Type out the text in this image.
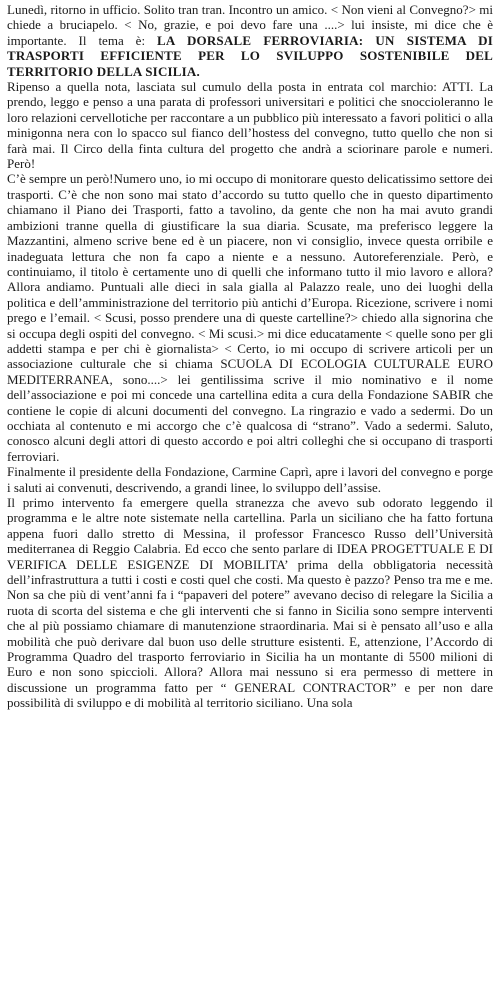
Lunedì, ritorno in ufficio. Solito tran tran. Incontro un amico. < Non vieni al Convegno?> mi chiede a bruciapelo. < No, grazie, e poi devo fare una ....> lui insiste, mi dice che è importante. Il tema è: LA DORSALE FERROVIARIA: UN SISTEMA DI TRASPORTI EFFICIENTE PER LO SVILUPPO SOSTENIBILE DEL TERRITORIO DELLA SICILIA.

Ripenso a quella nota, lasciata sul cumulo della posta in entrata col marchio: ATTI. La prendo, leggo e penso a una parata di professori universitari e politici che snoccioleranno le loro relazioni cervellotiche per raccontare a un pubblico più interessato a favori politici o alla minigonna nera con lo spacco sul fianco dell’hostess del convegno, tutto quello che non si farà mai. Il Circo della finta cultura del progetto che andrà a sciorinare parole e numeri. Però!

C’è sempre un però!Numero uno, io mi occupo di monitorare questo delicatissimo settore dei trasporti. C’è che non sono mai stato d’accordo su tutto quello che in questo dipartimento chiamano il Piano dei Trasporti, fatto a tavolino, da gente che non ha mai avuto grandi ambizioni tranne quella di giustificare la sua diaria. Scusate, ma preferisco leggere la Mazzantini, almeno scrive bene ed è un piacere, non vi consiglio, invece questa orribile e inadeguata lettura che non fa capo a niente e a nessuno. Autoreferenziale. Però, e continuiamo, il titolo è certamente uno di quelli che informano tutto il mio lavoro e allora? Allora andiamo. Puntuali alle dieci in sala gialla al Palazzo reale, uno dei luoghi della politica e dell’amministrazione del territorio più antichi d’Europa. Ricezione, scrivere i nomi prego e l’email. < Scusi, posso prendere una di queste cartelline?> chiedo alla signorina che si occupa degli ospiti del convegno. < Mi scusi.> mi dice educatamente < quelle sono per gli addetti stampa e per chi è giornalista> < Certo, io mi occupo di scrivere articoli per un associazione culturale che si chiama SCUOLA DI ECOLOGIA CULTURALE EURO MEDITERRANEA, sono....> lei gentilissima scrive il mio nominativo e il nome dell’associazione e poi mi concede una cartellina edita a cura della Fondazione SABIR che contiene le copie di alcuni documenti del convegno. La ringrazio e vado a sedermi. Do un occhiata al contenuto e mi accorgo che c’è qualcosa di “strano”. Vado a sedermi. Saluto, conosco alcuni degli attori di questo accordo e poi altri colleghi che si occupano di trasporti ferroviari.

Finalmente il presidente della Fondazione, Carmine Caprì, apre i lavori del convegno e porge i saluti ai convenuti, descrivendo, a grandi linee, lo sviluppo dell’assise.

Il primo intervento fa emergere quella stranezza che avevo sub odorato leggendo il programma e le altre note sistemate nella cartellina. Parla un siciliano che ha fatto fortuna appena fuori dallo stretto di Messina, il professor Francesco Russo dell’Università mediterranea di Reggio Calabria. Ed ecco che sento parlare di IDEA PROGETTUALE E DI VERIFICA DELLE ESIGENZE DI MOBILITA’ prima della obbligatoria necessità dell’infrastruttura a tutti i costi e costi quel che costi. Ma questo è pazzo? Penso tra me e me. Non sa che più di vent’anni fa i “papaveri del potere” avevano deciso di relegare la Sicilia a ruota di scorta del sistema e che gli interventi che si fanno in Sicilia sono sempre interventi che al più possiamo chiamare di manutenzione straordinaria. Mai si è pensato all’uso e alla mobilità che può derivare dal buon uso delle strutture esistenti. E, attenzione, l’Accordo di Programma Quadro del trasporto ferroviario in Sicilia ha un montante di 5500 milioni di Euro e non sono spiccioli. Allora? Allora mai nessuno si era permesso di mettere in discussione un programma fatto per “ GENERAL CONTRACTOR” e per non dare possibilità di sviluppo e di mobilità al territorio siciliano. Una sola
